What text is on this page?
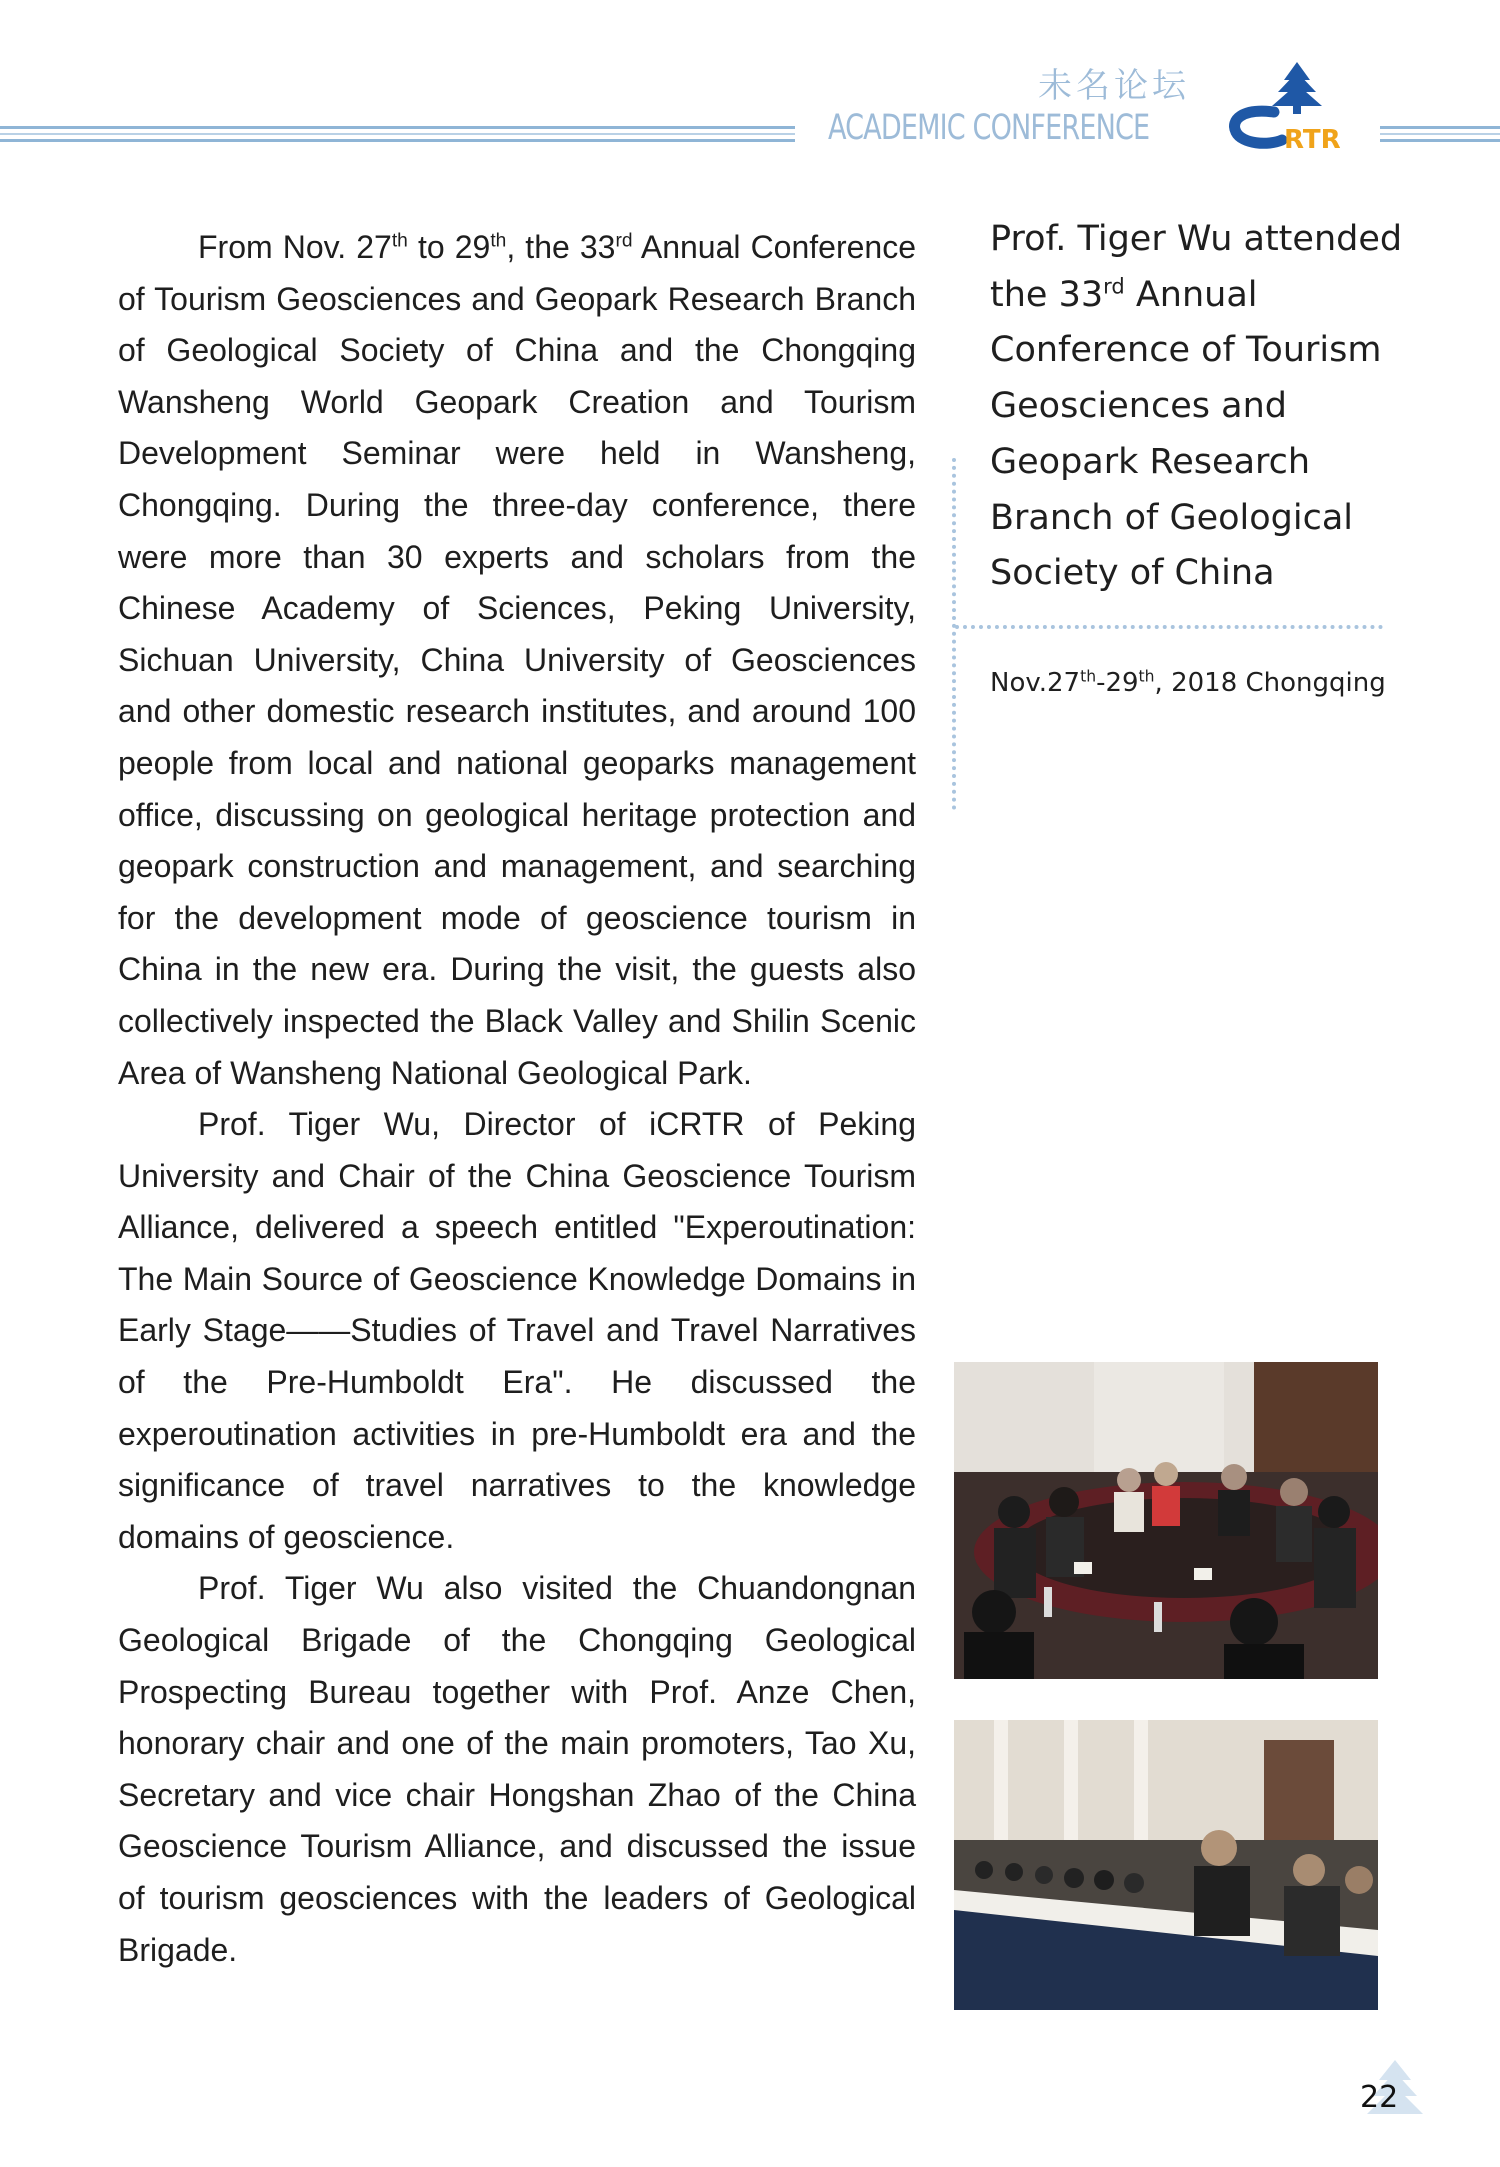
未名论坛
ACADEMIC CONFERENCE	RTR

From Nov. 27th to 29th, the 33rd Annual Conference of Tourism Geosciences and Geopark Research Branch of Geological Society of China and the Chongqing Wansheng World Geopark Creation and Tourism Development Seminar were held in Wansheng, Chongqing. During the three-day conference, there were more than 30 experts and scholars from the Chinese Academy of Sciences, Peking University, Sichuan University, China University of Geosciences and other domestic research institutes, and around 100 people from local and national geoparks management office, discussing on geological heritage protection and geopark construction and management, and searching for the development mode of geoscience tourism in China in the new era. During the visit, the guests also collectively inspected the Black Valley and Shilin Scenic Area of Wansheng National Geological Park.

Prof. Tiger Wu, Director of iCRTR of Peking University and Chair of the China Geoscience Tourism Alliance, delivered a speech entitled "Experoutination: The Main Source of Geoscience Knowledge Domains in Early Stage——Studies of Travel and Travel Narratives of the Pre-Humboldt Era". He discussed the experoutination activities in pre-Humboldt era and the significance of travel narratives to the knowledge domains of geoscience.

Prof. Tiger Wu also visited the Chuandongnan Geological Brigade of the Chongqing Geological Prospecting Bureau together with Prof. Anze Chen, honorary chair and one of the main promoters, Tao Xu, Secretary and vice chair Hongshan Zhao of the China Geoscience Tourism Alliance, and discussed the issue of tourism geosciences with the leaders of Geological Brigade.

Prof. Tiger Wu attended the 33rd Annual Conference of Tourism Geosciences and Geopark Research Branch of Geological Society of China
Nov.27th-29th, 2018 Chongqing
22
